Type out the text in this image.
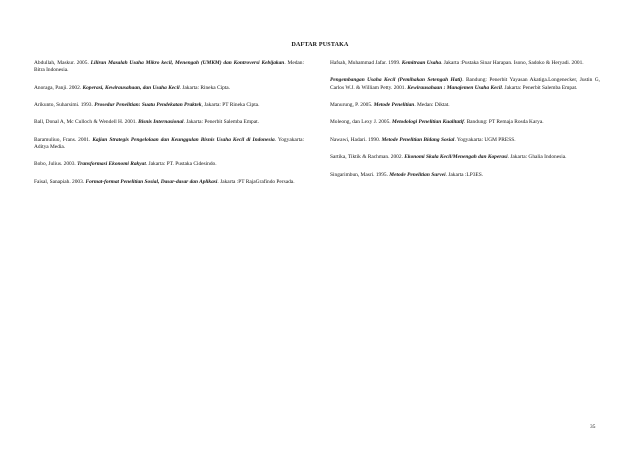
DAFTAR PUSTAKA

Abdullah, Maskur. 2005. Liliran Masalah Usaha Mikro kecil, Menengah (UMKM) dan Kontroversi Kebijakan. Medan: Bitra Indonesia.

Anoraga, Panji. 2002. Koperasi, Kewirausahaan, dan Usaha Kecil. Jakarta: Rineka Cipta.

Arikunto, Suharsimi. 1993. Prosedur Penelitian: Suatu Pendekatan Praktek, Jakarta: PT Rineka Cipta.

Ball, Donal A, Mc Culloch & Wendell H. 2001. Bisnis Internasional. Jakarta: Penerbit Salemba Empat.

Baramuliuo, Frans. 2001. Kajian Strategis Pengelolaan dan Keunggulan Bisnis Usaha Kecil di Indonesia. Yogyakarta: Aditya Media.

Bobo, Julius. 2003. Transformasi Ekonomi Rakyat. Jakarta: PT. Pustaka Cidesindo.

Faisal, Sanapiah. 2003. Format-format Penelitian Sosial, Dasar-dasar dan Aplikasi. Jakarta :PT RajaGrafindo Persada.

Hafsah, Muhammad Jafar. 1999. Kemitraan Usaha. Jakarta :Pustaka Sinar Harapan. Isono, Sadoko & Heryadi. 2001.

Pengembangan Usaha Kecil (Pemihakan Setengah Hati). Bandung: Penerbit Yayasan Akatiga.Longenecker, Justin G, Carlos W.J. & William Petty. 2001. Kewirausahaan : Manajemen Usaha Kecil. Jakarta: Penerbit Salemba Empat.

Manurung, P. 2005. Metode Penelitian. Medan: Diktat.

Moleong, dan Lexy J. 2005. Metodologi Penelitian Kualitatif. Bandung: PT Remaja Rosda Karya.

Nawawi, Hadari. 1990. Metode Penelitian Bidang Sosial. Yogyakarta: UGM PRESS.

Sartika, Tiktik & Rachman. 2002. Ekonomi Skala Kecil/Menengah dan Koperasi. Jakarta: Ghalia Indonesia.

Singarimbun, Masri. 1995. Metode Penelitian Survei. Jakarta :LP3ES.

35
